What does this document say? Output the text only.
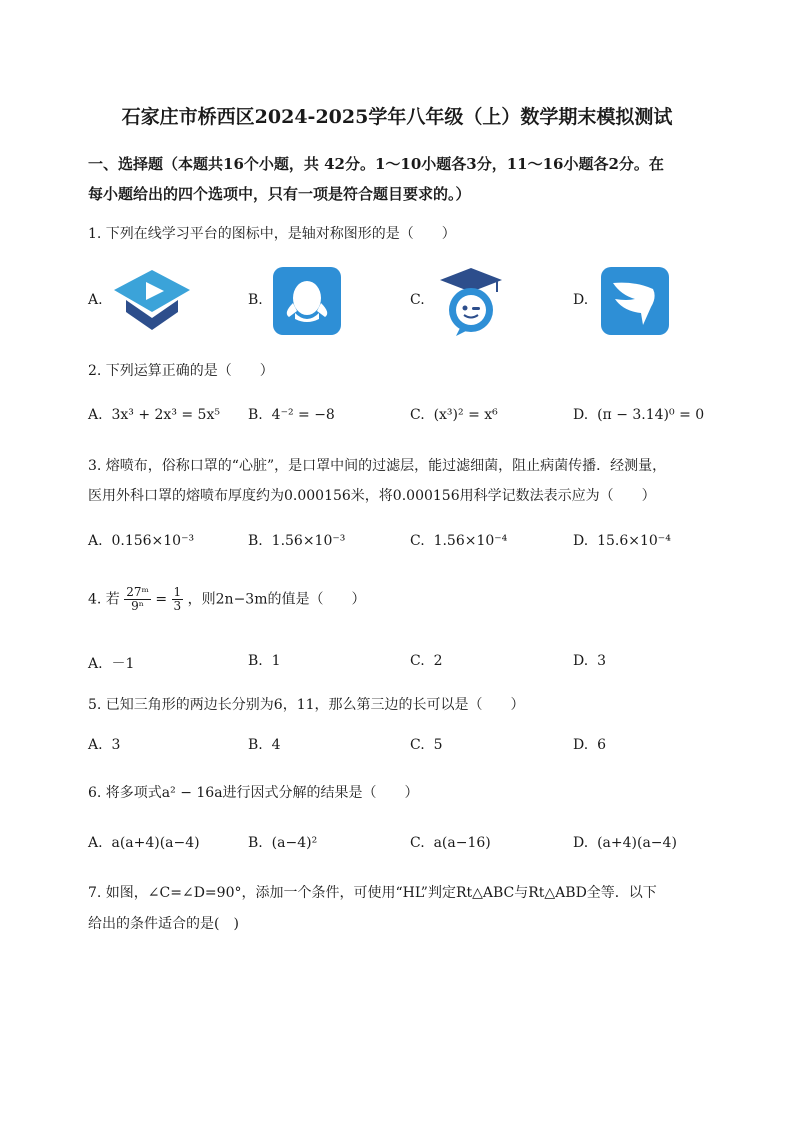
石家庄市桥西区2024-2025学年八年级（上）数学期末模拟测试
一、选择题（本题共16个小题，共 42分。1～10小题各3分，11～16小题各2分。在
每小题给出的四个选项中，只有一项是符合题目要求的。）
1. 下列在线学习平台的图标中，是轴对称图形的是（　　）
A.	B.	C.	D.
2. 下列运算正确的是（　　）
A. 3x³ + 2x³ = 5x⁵ B. 4⁻² = −8	C. (x³)² = x⁶	D. (π − 3.14)⁰ = 0
3. 熔喷布，俗称口罩的“心脏”，是口罩中间的过滤层，能过滤细菌，阻止病菌传播．经测量，
医用外科口罩的熔喷布厚度约为0.000156米，将0.000156用科学记数法表示应为（　　）
A. 0.156×10⁻³	B. 1.56×10⁻³	C. 1.56×10⁻⁴	D. 15.6×10⁻⁴
4. 若 $\frac{\text{27ᵐ}}{\text{9ⁿ}} = \frac{1}{3}$ ，则2n−3m的值是（　　）
A. －1	B. 1	C. 2	D. 3
5. 已知三角形的两边长分别为6，11，那么第三边的长可以是（　　）
A. 3	B. 4	C. 5	D. 6
6. 将多项式a² − 16a进行因式分解的结果是（　　）
A. a(a+4)(a−4)	B. (a−4)²	C. a(a−16)	D. (a+4)(a−4)
7. 如图，∠C=∠D=90°，添加一个条件，可使用“HL”判定Rt△ABC与Rt△ABD全等．以下
给出的条件适合的是(　)
